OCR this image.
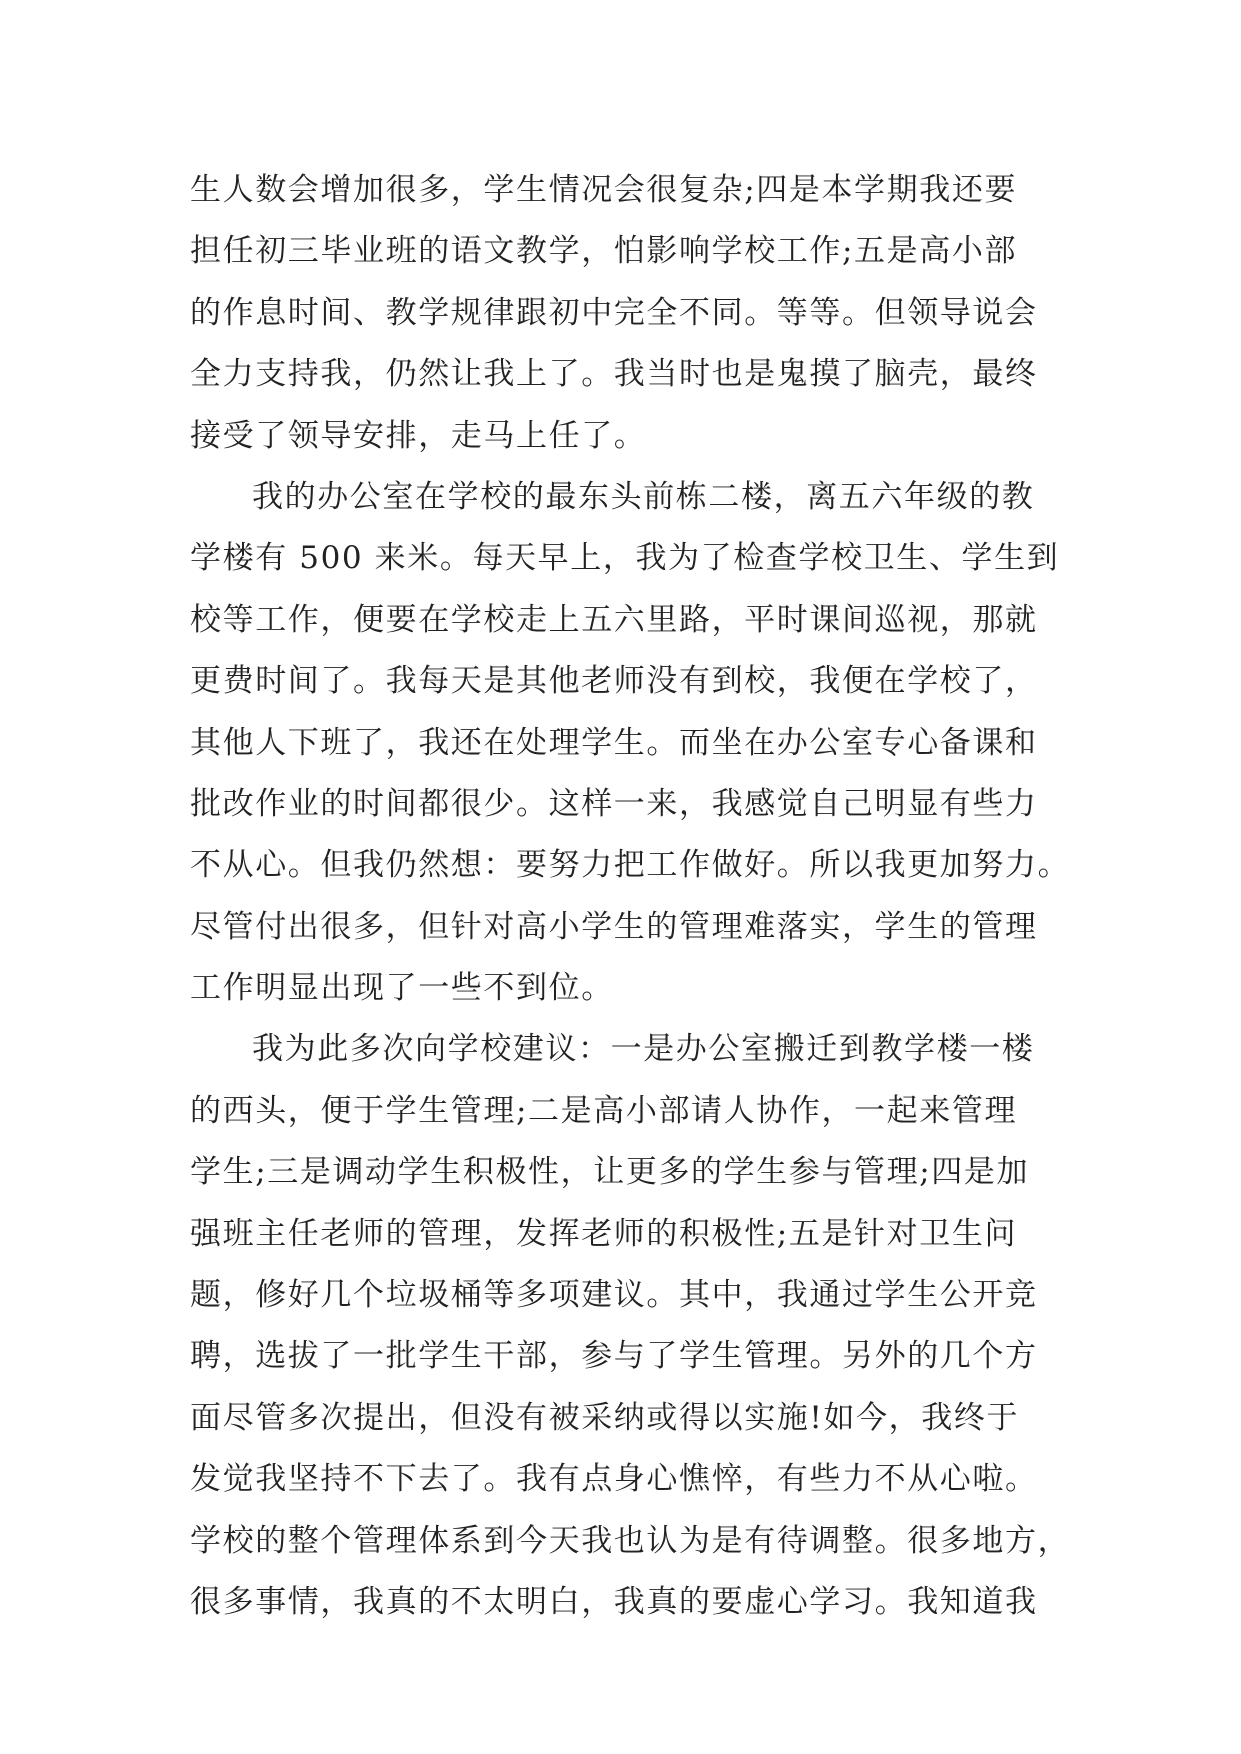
生人数会增加很多，学生情况会很复杂;四是本学期我还要
担任初三毕业班的语文教学，怕影响学校工作;五是高小部
的作息时间、教学规律跟初中完全不同。等等。但领导说会
全力支持我，仍然让我上了。我当时也是鬼摸了脑壳，最终
接受了领导安排，走马上任了。
我的办公室在学校的最东头前栋二楼，离五六年级的教
学楼有 500 来米。每天早上，我为了检查学校卫生、学生到
校等工作，便要在学校走上五六里路，平时课间巡视，那就
更费时间了。我每天是其他老师没有到校，我便在学校了，
其他人下班了，我还在处理学生。而坐在办公室专心备课和
批改作业的时间都很少。这样一来，我感觉自己明显有些力
不从心。但我仍然想：要努力把工作做好。所以我更加努力。
尽管付出很多，但针对高小学生的管理难落实，学生的管理
工作明显出现了一些不到位。
我为此多次向学校建议：一是办公室搬迁到教学楼一楼
的西头，便于学生管理;二是高小部请人协作，一起来管理
学生;三是调动学生积极性，让更多的学生参与管理;四是加
强班主任老师的管理，发挥老师的积极性;五是针对卫生问
题，修好几个垃圾桶等多项建议。其中，我通过学生公开竞
聘，选拔了一批学生干部，参与了学生管理。另外的几个方
面尽管多次提出，但没有被采纳或得以实施!如今，我终于
发觉我坚持不下去了。我有点身心憔悴，有些力不从心啦。
学校的整个管理体系到今天我也认为是有待调整。很多地方，
很多事情，我真的不太明白，我真的要虚心学习。我知道我
